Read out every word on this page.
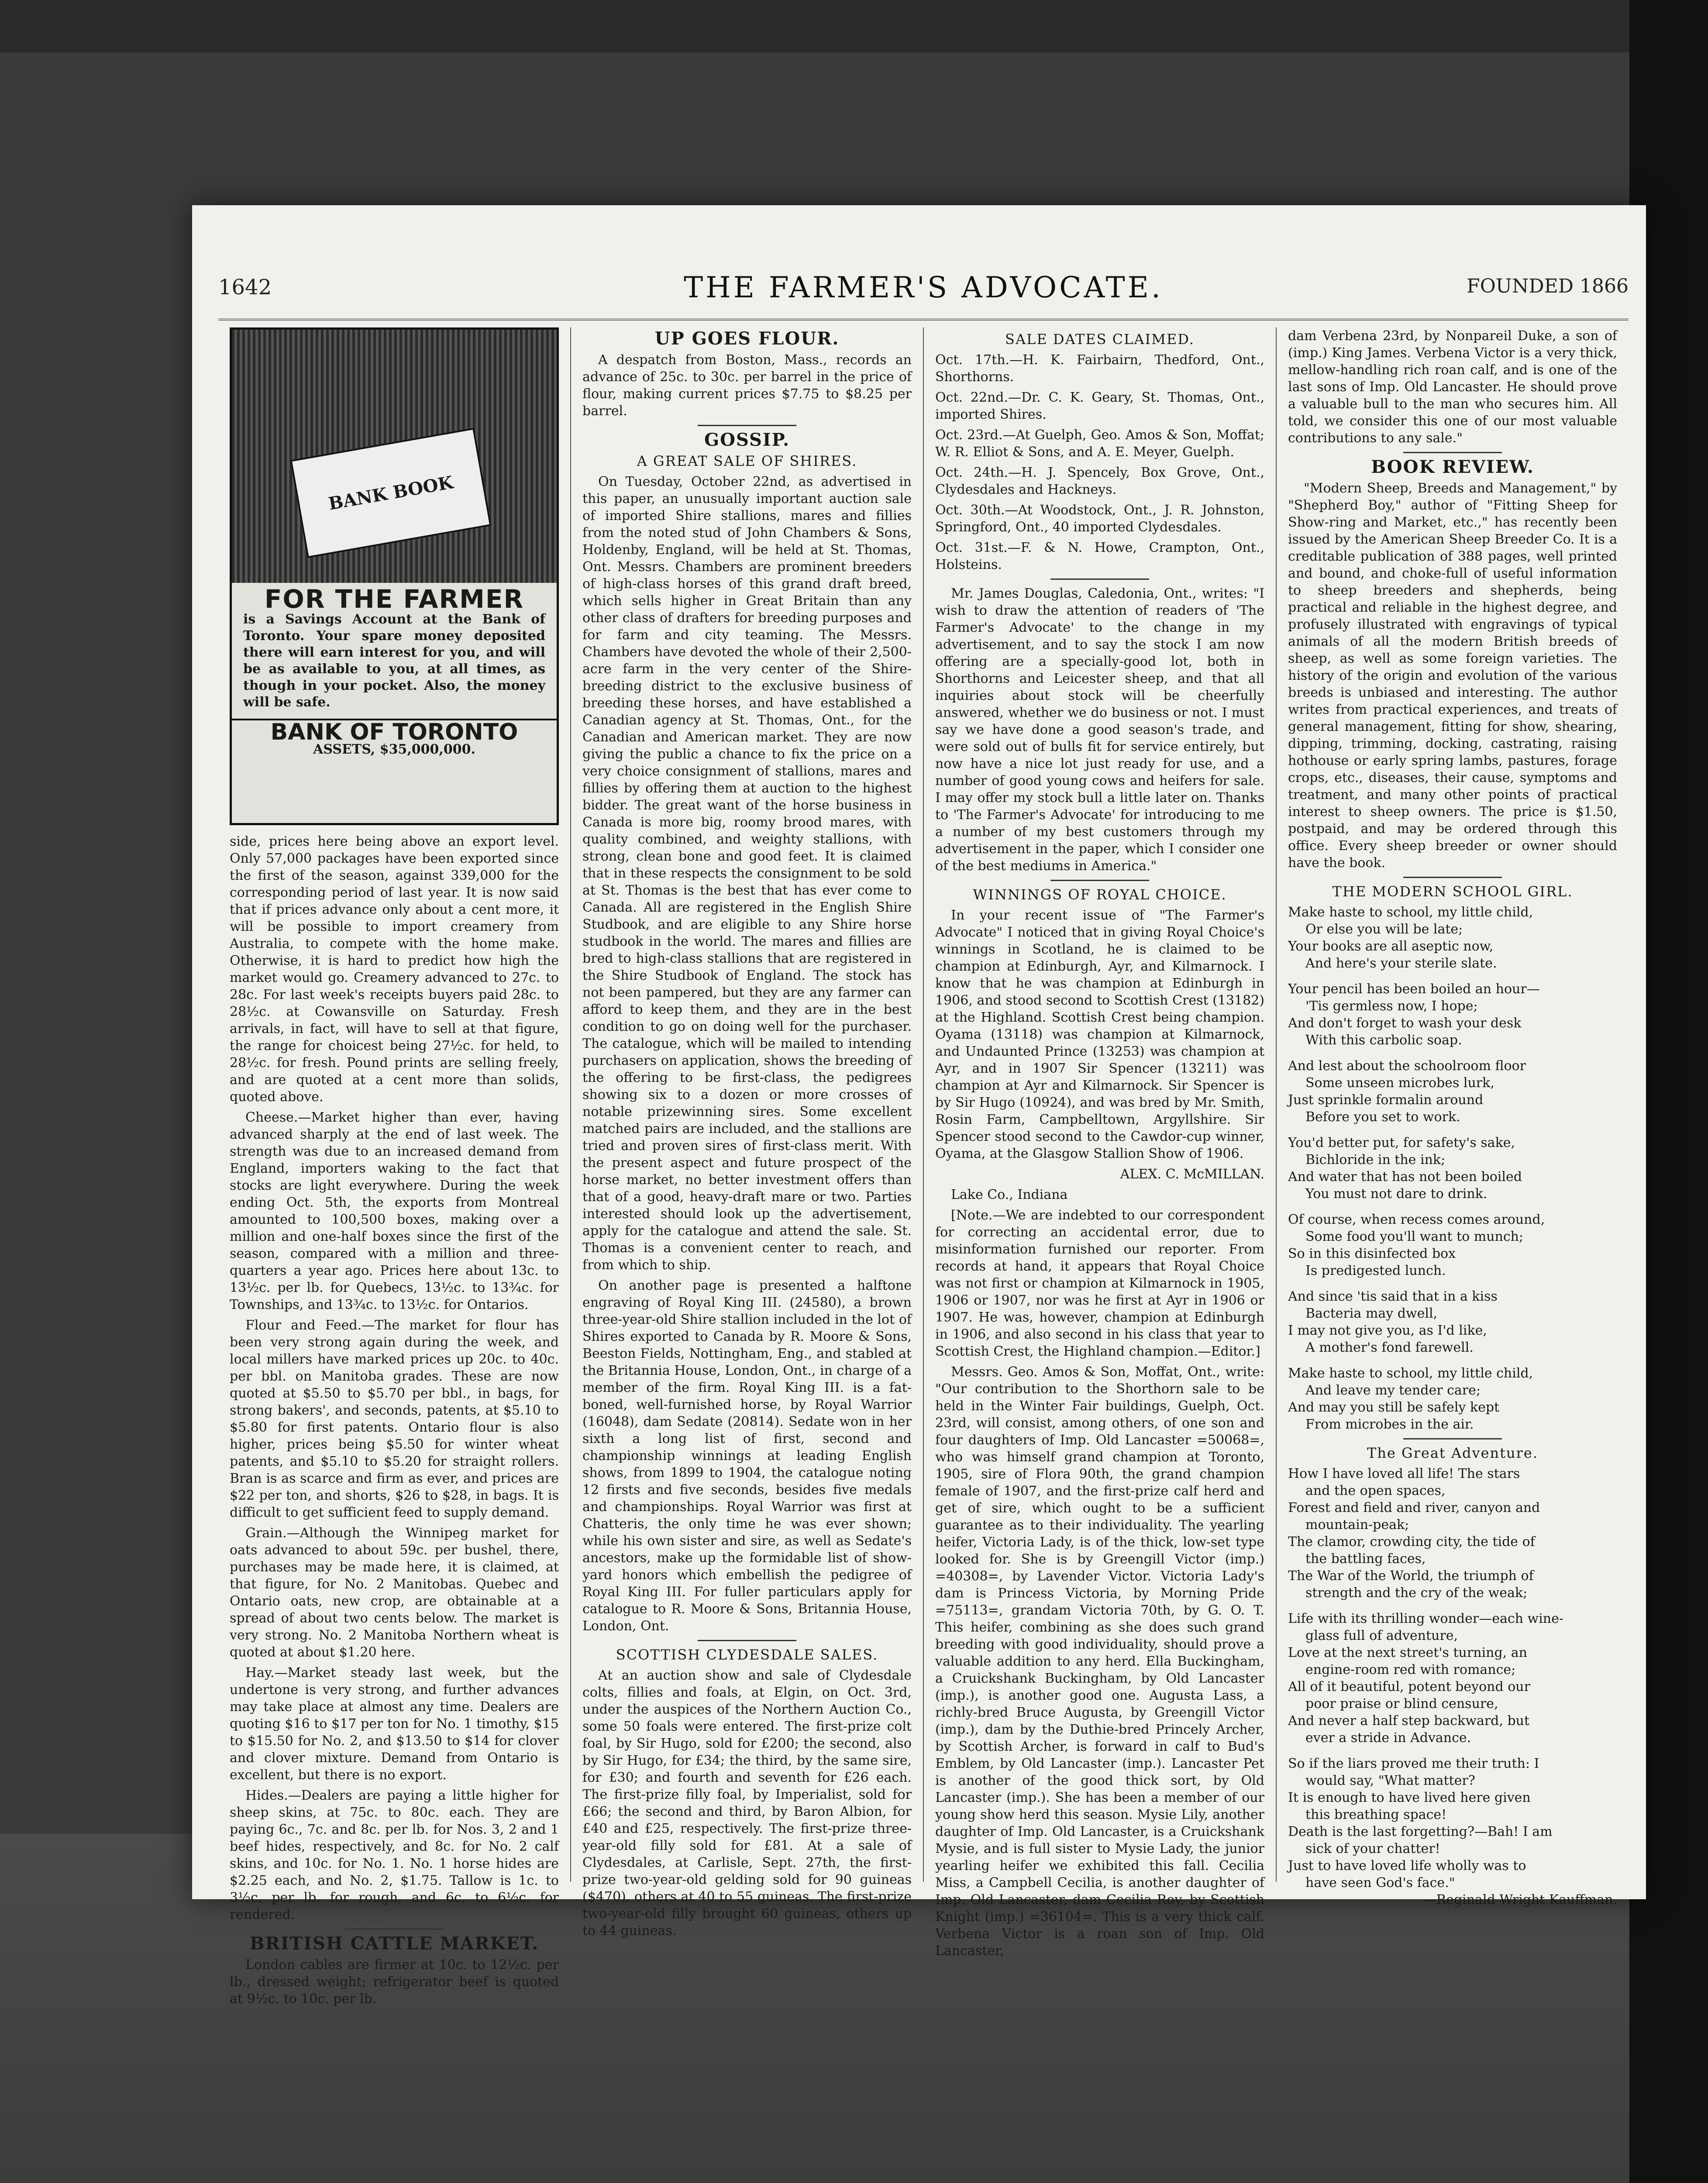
1642	THE FARMER'S ADVOCATE.	FOUNDED 1866
BANK BOOK
FOR THE FARMER
is a Savings Account at the Bank of Toronto. Your spare money deposited there will earn interest for you, and will be as available to you, at all times, as though in your pocket. Also, the money will be safe.
BANK OF TORONTO
ASSETS, $35,000,000.

side, prices here being above an export level. Only 57,000 packages have been exported since the first of the season, against 339,000 for the corresponding period of last year. It is now said that if prices advance only about a cent more, it will be possible to import creamery from Australia, to compete with the home make. Otherwise, it is hard to predict how high the market would go. Creamery advanced to 27c. to 28c. For last week's receipts buyers paid 28c. to 28½c. at Cowansville on Saturday. Fresh arrivals, in fact, will have to sell at that figure, the range for choicest being 27½c. for held, to 28½c. for fresh. Pound prints are selling freely, and are quoted at a cent more than solids, quoted above.

Cheese.—Market higher than ever, having advanced sharply at the end of last week. The strength was due to an increased demand from England, importers waking to the fact that stocks are light everywhere. During the week ending Oct. 5th, the exports from Montreal amounted to 100,500 boxes, making over a million and one-half boxes since the first of the season, compared with a million and three-quarters a year ago. Prices here about 13c. to 13½c. per lb. for Quebecs, 13½c. to 13¾c. for Townships, and 13¾c. to 13½c. for Ontarios.

Flour and Feed.—The market for flour has been very strong again during the week, and local millers have marked prices up 20c. to 40c. per bbl. on Manitoba grades. These are now quoted at $5.50 to $5.70 per bbl., in bags, for strong bakers', and seconds, patents, at $5.10 to $5.80 for first patents. Ontario flour is also higher, prices being $5.50 for winter wheat patents, and $5.10 to $5.20 for straight rollers. Bran is as scarce and firm as ever, and prices are $22 per ton, and shorts, $26 to $28, in bags. It is difficult to get sufficient feed to supply demand.

Grain.—Although the Winnipeg market for oats advanced to about 59c. per bushel, there, purchases may be made here, it is claimed, at that figure, for No. 2 Manitobas. Quebec and Ontario oats, new crop, are obtainable at a spread of about two cents below. The market is very strong. No. 2 Manitoba Northern wheat is quoted at about $1.20 here.

Hay.—Market steady last week, but the undertone is very strong, and further advances may take place at almost any time. Dealers are quoting $16 to $17 per ton for No. 1 timothy, $15 to $15.50 for No. 2, and $13.50 to $14 for clover and clover mixture. Demand from Ontario is excellent, but there is no export.

Hides.—Dealers are paying a little higher for sheep skins, at 75c. to 80c. each. They are paying 6c., 7c. and 8c. per lb. for Nos. 3, 2 and 1 beef hides, respectively, and 8c. for No. 2 calf skins, and 10c. for No. 1. No. 1 horse hides are $2.25 each, and No. 2, $1.75. Tallow is 1c. to 3½c. per lb. for rough, and 6c. to 6½c. for rendered.

BRITISH CATTLE MARKET.

London cables are firmer at 10c. to 12½c. per lb., dressed weight; refrigerator beef is quoted at 9½c. to 10c. per lb.

UP GOES FLOUR.

A despatch from Boston, Mass., records an advance of 25c. to 30c. per barrel in the price of flour, making current prices $7.75 to $8.25 per barrel.

GOSSIP.
A GREAT SALE OF SHIRES.

On Tuesday, October 22nd, as advertised in this paper, an unusually important auction sale of imported Shire stallions, mares and fillies from the noted stud of John Chambers & Sons, Holdenby, England, will be held at St. Thomas, Ont. Messrs. Chambers are prominent breeders of high-class horses of this grand draft breed, which sells higher in Great Britain than any other class of drafters for breeding purposes and for farm and city teaming. The Messrs. Chambers have devoted the whole of their 2,500-acre farm in the very center of the Shire-breeding district to the exclusive business of breeding these horses, and have established a Canadian agency at St. Thomas, Ont., for the Canadian and American market. They are now giving the public a chance to fix the price on a very choice consignment of stallions, mares and fillies by offering them at auction to the highest bidder. The great want of the horse business in Canada is more big, roomy brood mares, with quality combined, and weighty stallions, with strong, clean bone and good feet. It is claimed that in these respects the consignment to be sold at St. Thomas is the best that has ever come to Canada. All are registered in the English Shire Studbook, and are eligible to any Shire horse studbook in the world. The mares and fillies are bred to high-class stallions that are registered in the Shire Studbook of England. The stock has not been pampered, but they are any farmer can afford to keep them, and they are in the best condition to go on doing well for the purchaser. The catalogue, which will be mailed to intending purchasers on application, shows the breeding of the offering to be first-class, the pedigrees showing six to a dozen or more crosses of notable prizewinning sires. Some excellent matched pairs are included, and the stallions are tried and proven sires of first-class merit. With the present aspect and future prospect of the horse market, no better investment offers than that of a good, heavy-draft mare or two. Parties interested should look up the advertisement, apply for the catalogue and attend the sale. St. Thomas is a convenient center to reach, and from which to ship.

On another page is presented a halftone engraving of Royal King III. (24580), a brown three-year-old Shire stallion included in the lot of Shires exported to Canada by R. Moore & Sons, Beeston Fields, Nottingham, Eng., and stabled at the Britannia House, London, Ont., in charge of a member of the firm. Royal King III. is a fat-boned, well-furnished horse, by Royal Warrior (16048), dam Sedate (20814). Sedate won in her sixth a long list of first, second and championship winnings at leading English shows, from 1899 to 1904, the catalogue noting 12 firsts and five seconds, besides five medals and championships. Royal Warrior was first at Chatteris, the only time he was ever shown; while his own sister and sire, as well as Sedate's ancestors, make up the formidable list of show-yard honors which embellish the pedigree of Royal King III. For fuller particulars apply for catalogue to R. Moore & Sons, Britannia House, London, Ont.

SCOTTISH CLYDESDALE SALES.

At an auction show and sale of Clydesdale colts, fillies and foals, at Elgin, on Oct. 3rd, under the auspices of the Northern Auction Co., some 50 foals were entered. The first-prize colt foal, by Sir Hugo, sold for £200; the second, also by Sir Hugo, for £34; the third, by the same sire, for £30; and fourth and seventh for £26 each. The first-prize filly foal, by Imperialist, sold for £66; the second and third, by Baron Albion, for £40 and £25, respectively. The first-prize three-year-old filly sold for £81. At a sale of Clydesdales, at Carlisle, Sept. 27th, the first-prize two-year-old gelding sold for 90 guineas ($470), others at 40 to 55 guineas. The first-prize two-year-old filly brought 60 guineas, others up to 44 guineas.

SALE DATES CLAIMED.

Oct. 17th.—H. K. Fairbairn, Thedford, Ont., Shorthorns.

Oct. 22nd.—Dr. C. K. Geary, St. Thomas, Ont., imported Shires.

Oct. 23rd.—At Guelph, Geo. Amos & Son, Moffat; W. R. Elliot & Sons, and A. E. Meyer, Guelph.

Oct. 24th.—H. J. Spencely, Box Grove, Ont., Clydesdales and Hackneys.

Oct. 30th.—At Woodstock, Ont., J. R. Johnston, Springford, Ont., 40 imported Clydesdales.

Oct. 31st.—F. & N. Howe, Crampton, Ont., Holsteins.

Mr. James Douglas, Caledonia, Ont., writes: "I wish to draw the attention of readers of 'The Farmer's Advocate' to the change in my advertisement, and to say the stock I am now offering are a specially-good lot, both in Shorthorns and Leicester sheep, and that all inquiries about stock will be cheerfully answered, whether we do business or not. I must say we have done a good season's trade, and were sold out of bulls fit for service entirely, but now have a nice lot just ready for use, and a number of good young cows and heifers for sale. I may offer my stock bull a little later on. Thanks to 'The Farmer's Advocate' for introducing to me a number of my best customers through my advertisement in the paper, which I consider one of the best mediums in America."

WINNINGS OF ROYAL CHOICE.

In your recent issue of "The Farmer's Advocate" I noticed that in giving Royal Choice's winnings in Scotland, he is claimed to be champion at Edinburgh, Ayr, and Kilmarnock. I know that he was champion at Edinburgh in 1906, and stood second to Scottish Crest (13182) at the Highland. Scottish Crest being champion. Oyama (13118) was champion at Kilmarnock, and Undaunted Prince (13253) was champion at Ayr, and in 1907 Sir Spencer (13211) was champion at Ayr and Kilmarnock. Sir Spencer is by Sir Hugo (10924), and was bred by Mr. Smith, Rosin Farm, Campbelltown, Argyllshire. Sir Spencer stood second to the Cawdor-cup winner, Oyama, at the Glasgow Stallion Show of 1906.

ALEX. C. McMILLAN.

Lake Co., Indiana

[Note.—We are indebted to our correspondent for correcting an accidental error, due to misinformation furnished our reporter. From records at hand, it appears that Royal Choice was not first or champion at Kilmarnock in 1905, 1906 or 1907, nor was he first at Ayr in 1906 or 1907. He was, however, champion at Edinburgh in 1906, and also second in his class that year to Scottish Crest, the Highland champion.—Editor.]

Messrs. Geo. Amos & Son, Moffat, Ont., write: "Our contribution to the Shorthorn sale to be held in the Winter Fair buildings, Guelph, Oct. 23rd, will consist, among others, of one son and four daughters of Imp. Old Lancaster =50068=, who was himself grand champion at Toronto, 1905, sire of Flora 90th, the grand champion female of 1907, and the first-prize calf herd and get of sire, which ought to be a sufficient guarantee as to their individuality. The yearling heifer, Victoria Lady, is of the thick, low-set type looked for. She is by Greengill Victor (imp.) =40308=, by Lavender Victor. Victoria Lady's dam is Princess Victoria, by Morning Pride =75113=, grandam Victoria 70th, by G. O. T. This heifer, combining as she does such grand breeding with good individuality, should prove a valuable addition to any herd. Ella Buckingham, a Cruickshank Buckingham, by Old Lancaster (imp.), is another good one. Augusta Lass, a richly-bred Bruce Augusta, by Greengill Victor (imp.), dam by the Duthie-bred Princely Archer, by Scottish Archer, is forward in calf to Bud's Emblem, by Old Lancaster (imp.). Lancaster Pet is another of the good thick sort, by Old Lancaster (imp.). She has been a member of our young show herd this season. Mysie Lily, another daughter of Imp. Old Lancaster, is a Cruickshank Mysie, and is full sister to Mysie Lady, the junior yearling heifer we exhibited this fall. Cecilia Miss, a Campbell Cecilia, is another daughter of Imp. Old Lancaster, dam Cecilia Roy, by Scottish Knight (imp.) =36104=. This is a very thick calf. Verbena Victor is a roan son of Imp. Old Lancaster,

dam Verbena 23rd, by Nonpareil Duke, a son of (imp.) King James. Verbena Victor is a very thick, mellow-handling rich roan calf, and is one of the last sons of Imp. Old Lancaster. He should prove a valuable bull to the man who secures him. All told, we consider this one of our most valuable contributions to any sale."

BOOK REVIEW.

"Modern Sheep, Breeds and Management," by "Shepherd Boy," author of "Fitting Sheep for Show-ring and Market, etc.," has recently been issued by the American Sheep Breeder Co. It is a creditable publication of 388 pages, well printed and bound, and choke-full of useful information to sheep breeders and shepherds, being practical and reliable in the highest degree, and profusely illustrated with engravings of typical animals of all the modern British breeds of sheep, as well as some foreign varieties. The history of the origin and evolution of the various breeds is unbiased and interesting. The author writes from practical experiences, and treats of general management, fitting for show, shearing, dipping, trimming, docking, castrating, raising hothouse or early spring lambs, pastures, forage crops, etc., diseases, their cause, symptoms and treatment, and many other points of practical interest to sheep owners. The price is $1.50, postpaid, and may be ordered through this office. Every sheep breeder or owner should have the book.

THE MODERN SCHOOL GIRL.

Make haste to school, my little child,

Or else you will be late;

Your books are all aseptic now,

And here's your sterile slate.

Your pencil has been boiled an hour—

'Tis germless now, I hope;

And don't forget to wash your desk

With this carbolic soap.

And lest about the schoolroom floor

Some unseen microbes lurk,

Just sprinkle formalin around

Before you set to work.

You'd better put, for safety's sake,

Bichloride in the ink;

And water that has not been boiled

You must not dare to drink.

Of course, when recess comes around,

Some food you'll want to munch;

So in this disinfected box

Is predigested lunch.

And since 'tis said that in a kiss

Bacteria may dwell,

I may not give you, as I'd like,

A mother's fond farewell.

Make haste to school, my little child,

And leave my tender care;

And may you still be safely kept

From microbes in the air.

The Great Adventure.

How I have loved all life! The stars

and the open spaces,

Forest and field and river, canyon and

mountain-peak;

The clamor, crowding city, the tide of

the battling faces,

The War of the World, the triumph of

strength and the cry of the weak;

Life with its thrilling wonder—each wine-

glass full of adventure,

Love at the next street's turning, an

engine-room red with romance;

All of it beautiful, potent beyond our

poor praise or blind censure,

And never a half step backward, but

ever a stride in Advance.

So if the liars proved me their truth: I

would say, "What matter?

It is enough to have lived here given

this breathing space!

Death is the last forgetting?—Bah! I am

sick of your chatter!

Just to have loved life wholly was to

have seen God's face."

—Reginald Wright Kauffman.
